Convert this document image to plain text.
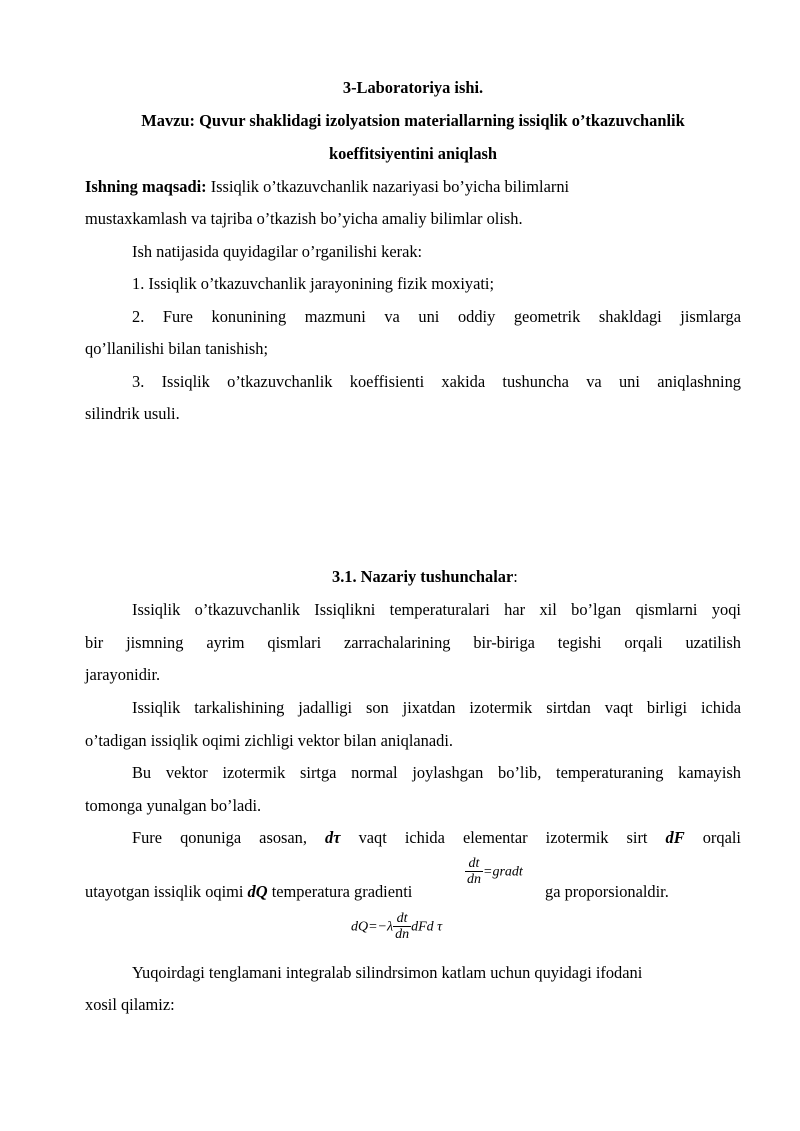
3-Laboratoriya ishi.
Mavzu: Quvur shaklidagi izolyatsion materiallarning issiqlik o’tkazuvchanlik
koeffitsiyentini aniqlash
Ishning maqsadi: Issiqlik o’tkazuvchanlik nazariyasi bo’yicha bilimlarni
mustaxkamlash va tajriba o’tkazish bo’yicha amaliy bilimlar olish.
Ish natijasida quyidagilar o’rganilishi kerak:
1. Issiqlik o’tkazuvchanlik jarayonining fizik moxiyati;
2. Fure konunining mazmuni va uni oddiy geometrik shakldagi jismlarga
qo’llanilishi bilan tanishish;
3. Issiqlik o’tkazuvchanlik koeffisienti xakida tushuncha va uni aniqlashning
silindrik usuli.
3.1. Nazariy tushunchalar:
Issiqlik o’tkazuvchanlik Issiqlikni temperaturalari har xil bo’lgan qismlarni yoqi
bir jismning ayrim qismlari zarrachalarining bir-biriga tegishi orqali uzatilish
jarayonidir.
Issiqlik tarkalishining jadalligi son jixatdan izotermik sirtdan vaqt birligi ichida
o’tadigan issiqlik oqimi zichligi vektor bilan aniqlanadi.
Bu vektor izotermik sirtga normal joylashgan bo’lib, temperaturaning kamayish
tomonga yunalgan bo’ladi.
Fure qonuniga asosan, dτ vaqt ichida elementar izotermik sirt dF orqali
utayotgan issiqlik oqimi dQ temperatura gradienti
$\frac{dt}{dn}$ =gradt
ga proporsionaldir.
$dQ=-\lambda \frac{dt}{dn}$ dFd τ
Yuqoirdagi tenglamani integralab silindrsimon katlam uchun quyidagi ifodani
xosil qilamiz:
